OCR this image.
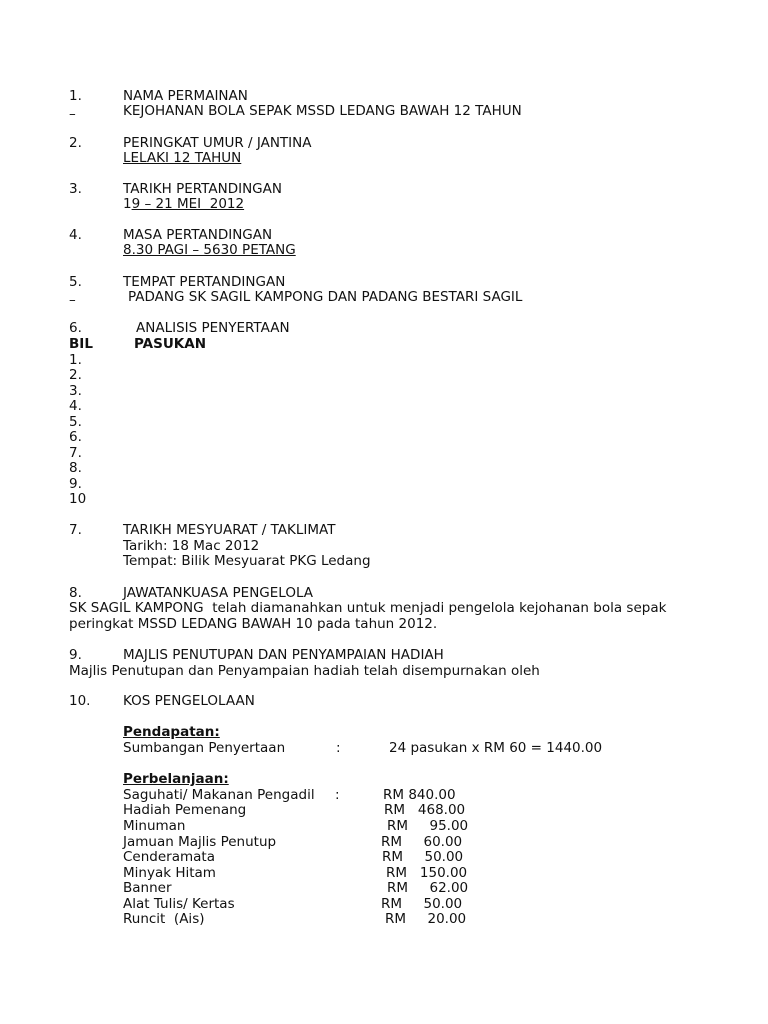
1.	NAMA PERMAINAN
–	KEJOHANAN BOLA SEPAK MSSD LEDANG BAWAH 12 TAHUN
2.	PERINGKAT UMUR / JANTINA
LELAKI 12 TAHUN
3.	TARIKH PERTANDINGAN
19 – 21 MEI  2012
4.	MASA PERTANDINGAN
8.30 PAGI – 5630 PETANG
5.	TEMPAT PERTANDINGAN
–	PADANG SK SAGIL KAMPONG DAN PADANG BESTARI SAGIL
6.	ANALISIS PENYERTAAN
BIL	PASUKAN
1.
2.
3.
4.
5.
6.
7.
8.
9.
10
7.	TARIKH MESYUARAT / TAKLIMAT
Tarikh: 18 Mac 2012
Tempat: Bilik Mesyuarat PKG Ledang
8.	JAWATANKUASA PENGELOLA
SK SAGIL KAMPONG  telah diamanahkan untuk menjadi pengelola kejohanan bola sepak
peringkat MSSD LEDANG BAWAH 10 pada tahun 2012.
9.	MAJLIS PENUTUPAN DAN PENYAMPAIAN HADIAH
Majlis Penutupan dan Penyampaian hadiah telah disempurnakan oleh
10. KOS PENGELOLAAN
Pendapatan:
Sumbangan Penyertaan	:	24 pasukan x RM 60 = 1440.00
Perbelanjaan:
Saguhati/ Makanan Pengadil :	RM 840.00
Hadiah Pemenang	RM   468.00
Minuman	RM     95.00
Jamuan Majlis Penutup	RM     60.00
Cenderamata	RM     50.00
Minyak Hitam	RM   150.00
Banner	RM     62.00
Alat Tulis/ Kertas	RM     50.00
Runcit  (Ais)	RM     20.00
